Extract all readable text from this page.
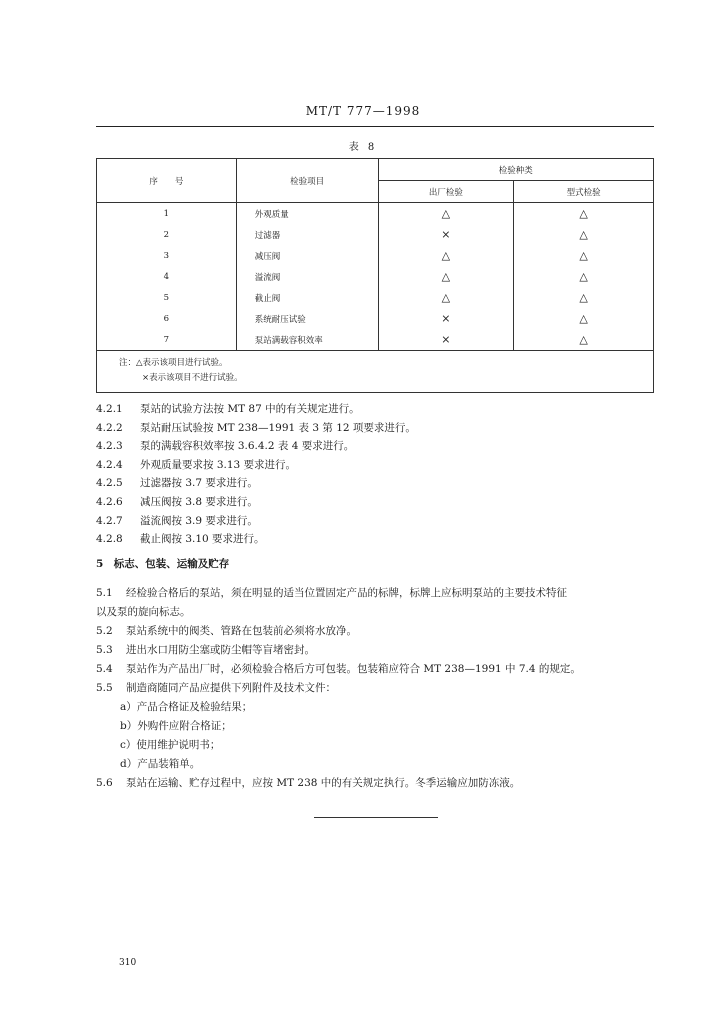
MT/T 777—1998
表 8
序　　号	检验项目	检验种类	
		出厂检验	型式检验
1	外观质量	△	△
2	过滤器	×	△
3	减压阀	△	△
4	溢流阀	△	△
5	截止阀	△	△
6	系统耐压试验	×	△
7	泵站满载容积效率	×	△

注：△表示该项目进行试验。
×表示该项目不进行试验。			
4.2.1 泵站的试验方法按 MT 87 中的有关规定进行。
4.2.2 泵站耐压试验按 MT 238—1991 表 3 第 12 项要求进行。
4.2.3 泵的满载容积效率按 3.6.4.2 表 4 要求进行。
4.2.4 外观质量要求按 3.13 要求进行。
4.2.5 过滤器按 3.7 要求进行。
4.2.6 减压阀按 3.8 要求进行。
4.2.7 溢流阀按 3.9 要求进行。
4.2.8 截止阀按 3.10 要求进行。
5　标志、包装、运输及贮存
5.1 经检验合格后的泵站，须在明显的适当位置固定产品的标牌，标牌上应标明泵站的主要技术特征
以及泵的旋向标志。
5.2 泵站系统中的阀类、管路在包装前必须将水放净。
5.3 进出水口用防尘塞或防尘帽等盲堵密封。
5.4 泵站作为产品出厂时，必须检验合格后方可包装。包装箱应符合 MT 238—1991 中 7.4 的规定。
5.5 制造商随同产品应提供下列附件及技术文件：
a）产品合格证及检验结果；
b）外购件应附合格证；
c）使用维护说明书；
d）产品装箱单。
5.6 泵站在运输、贮存过程中，应按 MT 238 中的有关规定执行。冬季运输应加防冻液。
310
